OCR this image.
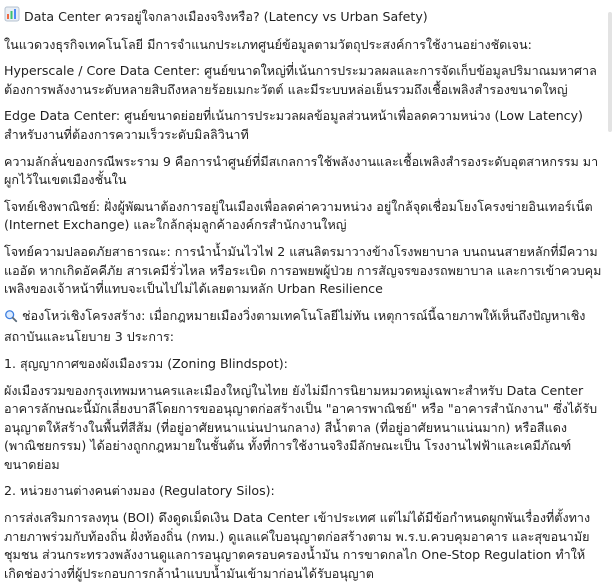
Data Center ควรอยู่ใจกลางเมืองจริงหรือ? (Latency vs Urban Safety)

ในแวดวงธุรกิจเทคโนโลยี มีการจำแนกประเภทศูนย์ข้อมูลตามวัตถุประสงค์การใช้งานอย่างชัดเจน:

Hyperscale / Core Data Center: ศูนย์ขนาดใหญ่ที่เน้นการประมวลผลและการจัดเก็บข้อมูลปริมาณมหาศาล ต้องการพลังงานระดับหลายสิบถึงหลายร้อยเมกะวัตต์ และมีระบบหล่อเย็นรวมถึงเชื้อเพลิงสำรองขนาดใหญ่

Edge Data Center: ศูนย์ขนาดย่อยที่เน้นการประมวลผลข้อมูลส่วนหน้าเพื่อลดความหน่วง (Low Latency) สำหรับงานที่ต้องการความเร็วระดับมิลลิวินาที

ความลักลั่นของกรณีพระราม 9 คือการนำศูนย์ที่มีสเกลการใช้พลังงานและเชื้อเพลิงสำรองระดับอุตสาหกรรม มาผูกไว้ในเขตเมืองชั้นใน

โจทย์เชิงพาณิชย์: ฝั่งผู้พัฒนาต้องการอยู่ในเมืองเพื่อลดค่าความหน่วง อยู่ใกล้จุดเชื่อมโยงโครงข่ายอินเทอร์เน็ต (Internet Exchange) และใกล้กลุ่มลูกค้าองค์กรสำนักงานใหญ่

โจทย์ความปลอดภัยสาธารณะ: การนำน้ำมันไวไฟ 2 แสนลิตรมาวางข้างโรงพยาบาล บนถนนสายหลักที่มีความแออัด หากเกิดอัคคีภัย สารเคมีรั่วไหล หรือระเบิด การอพยพผู้ป่วย การสัญจรของรถพยาบาล และการเข้าควบคุมเพลิงของเจ้าหน้าที่แทบจะเป็นไปไม่ได้เลยตามหลัก Urban Resilience

ช่องโหว่เชิงโครงสร้าง: เมื่อกฎหมายเมืองวิ่งตามเทคโนโลยีไม่ทัน เหตุการณ์นี้ฉายภาพให้เห็นถึงปัญหาเชิงสถาบันและนโยบาย 3 ประการ:

1. สุญญากาศของผังเมืองรวม (Zoning Blindspot):

ผังเมืองรวมของกรุงเทพมหานครและเมืองใหญ่ในไทย ยังไม่มีการนิยามหมวดหมู่เฉพาะสำหรับ Data Center อาคารลักษณะนี้มักเลี่ยงบาลีโดยการขออนุญาตก่อสร้างเป็น "อาคารพาณิชย์" หรือ "อาคารสำนักงาน" ซึ่งได้รับอนุญาตให้สร้างในพื้นที่สีส้ม (ที่อยู่อาศัยหนาแน่นปานกลาง) สีน้ำตาล (ที่อยู่อาศัยหนาแน่นมาก) หรือสีแดง (พาณิชยกรรม) ได้อย่างถูกกฎหมายในชั้นต้น ทั้งที่การใช้งานจริงมีลักษณะเป็น โรงงานไฟฟ้าและเคมีภัณฑ์ขนาดย่อม

2. หน่วยงานต่างคนต่างมอง (Regulatory Silos):

การส่งเสริมการลงทุน (BOI) ดึงดูดเม็ดเงิน Data Center เข้าประเทศ แต่ไม่ได้มีข้อกำหนดผูกพันเรื่องที่ตั้งทางภายภาพร่วมกับท้องถิ่น ฝั่งท้องถิ่น (กทม.) ดูแลแค่ใบอนุญาตก่อสร้างตาม พ.ร.บ.ควบคุมอาคาร และสุขอนามัยชุมชน ส่วนกระทรวงพลังงานดูแลการอนุญาตครอบครองน้ำมัน การขาดกลไก One-Stop Regulation ทำให้เกิดช่องว่างที่ผู้ประกอบการกล้านำแบบน้ำมันเข้ามาก่อนได้รับอนุญาต
